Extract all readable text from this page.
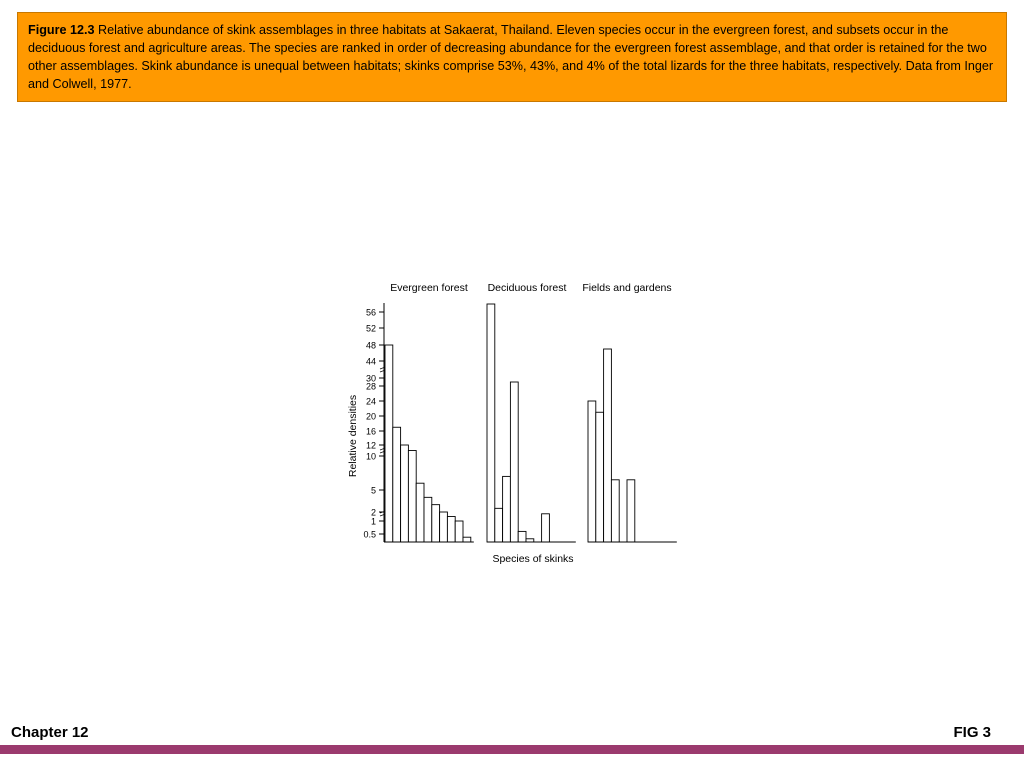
Figure 12.3 Relative abundance of skink assemblages in three habitats at Sakaerat, Thailand. Eleven species occur in the evergreen forest, and subsets occur in the deciduous forest and agriculture areas. The species are ranked in order of decreasing abundance for the evergreen forest assemblage, and that order is retained for the two other assemblages. Skink abundance is unequal between habitats; skinks comprise 53%, 43%, and 4% of the total lizards for the three habitats, respectively. Data from Inger and Colwell, 1977.
Evergreen forest Deciduous forest Fields and gardens
56
52
48
44
30
28
24
20
16
12
10
5
2
1
0.5
Relative densities
Species of skinks
Chapter 12	FIG 3
